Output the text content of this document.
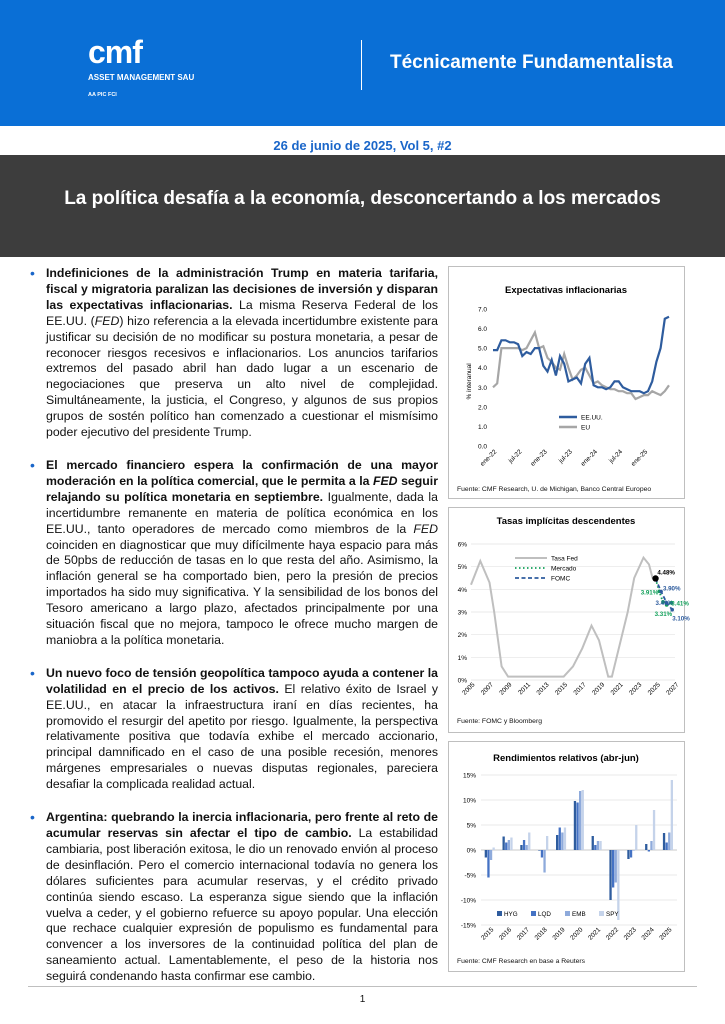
cmf
ASSET MANAGEMENT SAU
AA PIC FCI
Técnicamente Fundamentalista
26 de junio de 2025, Vol 5, #2
La política desafía a la economía, desconcertando a los mercados

• Indefiniciones de la administración Trump en materia tarifaria, fiscal y migratoria paralizan las decisiones de inversión y disparan las expectativas inflacionarias. La misma Reserva Federal de los EE.UU. (FED) hizo referencia a la elevada incertidumbre existente para justificar su decisión de no modificar su postura monetaria, a pesar de reconocer riesgos recesivos e inflacionarios. Los anuncios tarifarios extremos del pasado abril han dado lugar a un escenario de negociaciones que preserva un alto nivel de complejidad. Simultáneamente, la justicia, el Congreso, y algunos de sus propios grupos de sostén político han comenzado a cuestionar el mismísimo poder ejecutivo del presidente Trump.

• El mercado financiero espera la confirmación de una mayor moderación en la política comercial, que le permita a la FED seguir relajando su política monetaria en septiembre. Igualmente, dada la incertidumbre remanente en materia de política económica en los EE.UU., tanto operadores de mercado como miembros de la FED coinciden en diagnosticar que muy difícilmente haya espacio para más de 50pbs de reducción de tasas en lo que resta del año. Asimismo, la inflación general se ha comportado bien, pero la presión de precios importados ha sido muy significativa. Y la sensibilidad de los bonos del Tesoro americano a largo plazo, afectados principalmente por una situación fiscal que no mejora, tampoco le ofrece mucho margen de maniobra a la política monetaria.

• Un nuevo foco de tensión geopolítica tampoco ayuda a contener la volatilidad en el precio de los activos. El relativo éxito de Israel y EE.UU., en atacar la infraestructura iraní en días recientes, ha promovido el resurgir del apetito por riesgo. Igualmente, la perspectiva relativamente positiva que todavía exhibe el mercado accionario, principal damnificado en el caso de una posible recesión, menores márgenes empresariales o nuevas disputas regionales, pareciera desafiar la complicada realidad actual.

• Argentina: quebrando la inercia inflacionaria, pero frente al reto de acumular reservas sin afectar el tipo de cambio. La estabilidad cambiaria, post liberación exitosa, le dio un renovado envión al proceso de desinflación. Pero el comercio internacional todavía no genera los dólares suficientes para acumular reservas, y el crédito privado continúa siendo escaso. La esperanza sigue siendo que la inflación vuelva a ceder, y el gobierno refuerce su apoyo popular. Una elección que rechace cualquier expresión de populismo es fundamental para convencer a los inversores de la continuidad política del plan de saneamiento actual. Lamentablemente, el peso de la historia nos seguirá condenando hasta confirmar ese cambio.

Expectativas inflacionarias
0.0
1.0
2.0
3.0
4.0
5.0
6.0
7.0
% interanual
ene-22 jul-22 ene-23 jul-23 ene-24 jul-24 ene-25
EE.UU.
EU
Fuente: CMF Research, U. de Michigan, Banco Central Europeo
Tasas implícitas descendentes
0%
1%
2%
3%
4%
5%
6%
2005 2007 2009 2011 2013 2015 2017 2019 2021 2023 2025 2027
4.48%
3.90%
3.91%
3.40%
3.41%
3.31%
3.10%
Tasa Fed
Mercado
FOMC
Fuente: FOMC y Bloomberg
Rendimientos relativos (abr-jun)
-15%
-10%
-5%
0%
5%
10%
15%
2015 2016 2017 2018 2019 2020 2021 2022 2023 2024 2025
HYG	LQD	EMB	SPY
Fuente: CMF Research en base a Reuters
1
